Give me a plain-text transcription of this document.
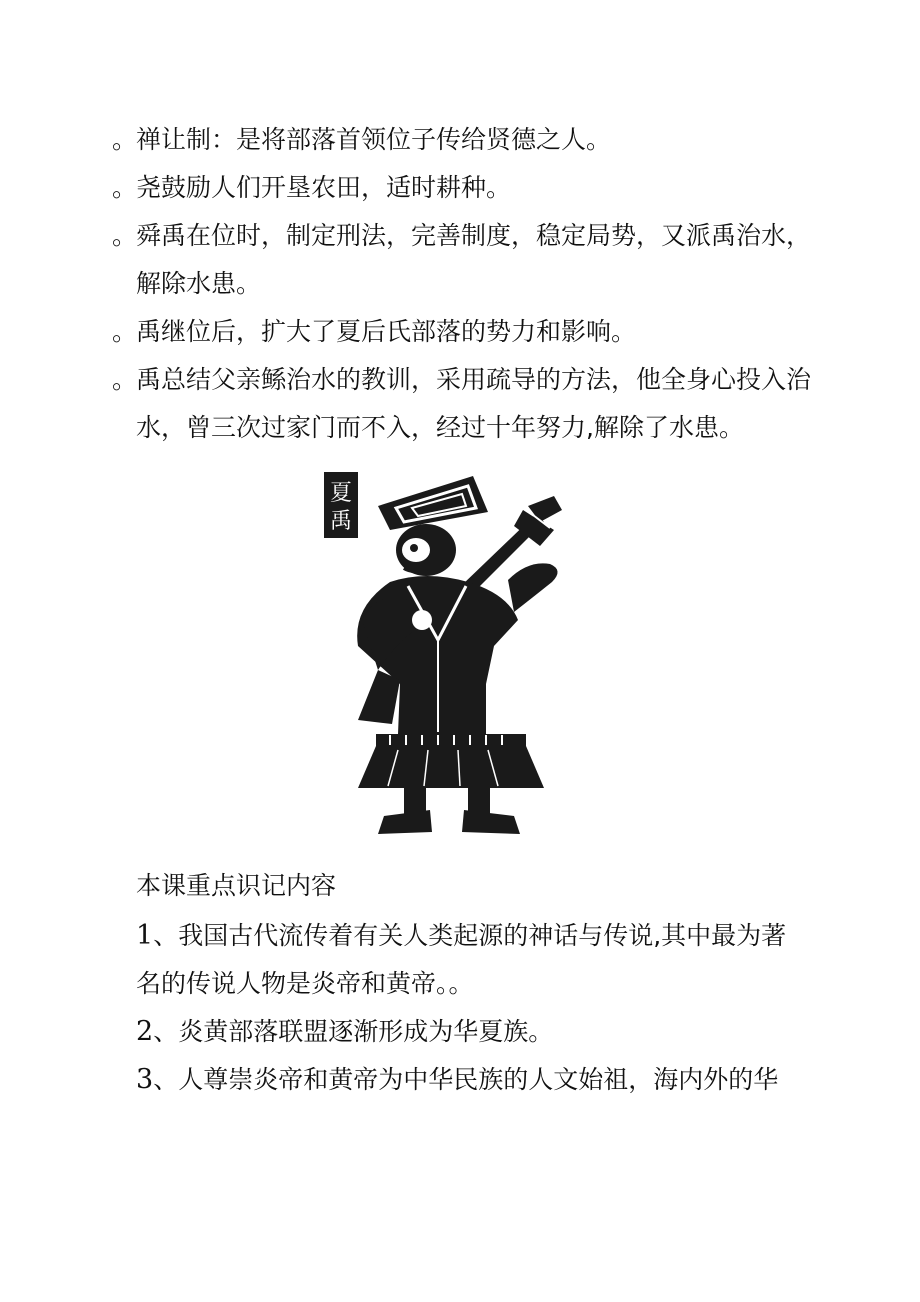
。
禅让制：是将部落首领位子传给贤德之人。
。
尧鼓励人们开垦农田，适时耕种。
。
舜禹在位时，制定刑法，完善制度，稳定局势，又派禹治水，解除水患。
。
禹继位后，扩大了夏后氏部落的势力和影响。
。
禹总结父亲鲧治水的教训，采用疏导的方法，他全身心投入治水，曾三次过家门而不入，经过十年努力,解除了水患。
夏
禹
本课重点识记内容
1、我国古代流传着有关人类起源的神话与传说,其中最为著名的传说人物是炎帝和黄帝。。
2、炎黄部落联盟逐渐形成为华夏族。
3、人尊崇炎帝和黄帝为中华民族的人文始祖，海内外的华
